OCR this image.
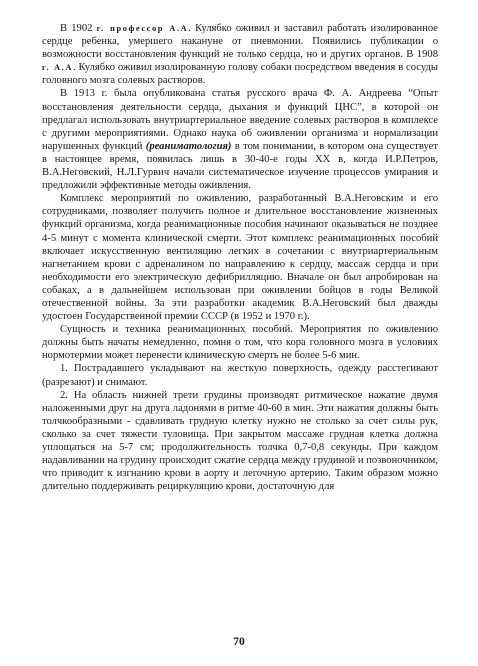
В 1902 г. профессор А.А. Кулябко оживил и заставил работать изолированное сердце ребенка, умершего накануне от пневмонии. Появились публикации о возможности восстановления функций не только сердца, но и других органов. В 1908 г. А.А. Кулябко оживил изолированную голову собаки посредством введения в сосуды головного мозга солевых растворов.

В 1913 г. была опубликована статья русского врача Ф. А. Андреева “Опыт восстановления деятельности сердца, дыхания и функций ЦНС”, в которой он предлагал использовать внутриартериальное введение солевых растворов в комплексе с другими мероприятиями. Однако наука об оживлении организма и нормализации нарушенных функций (реаниматология) в том понимании, в котором она существует в настоящее время, появилась лишь в 30-40-е годы XX в, когда И.Р.Петров, В.А.Неговский, Н.Л.Гурвич начали систематическое изучение процессов умирания и предложили эффективные методы оживления.

Комплекс мероприятий по оживлению, разработанный В.А.Неговским и его сотрудниками, позволяет получить полное и длительное восстановление жизненных функций организма, когда реанимационные пособия начинают оказываться не позднее 4-5 минут с момента клинической смерти. Этот комплекс реанимационных пособий включает искусственную вентиляцию легких в сочетании с внутриартериальным нагнетанием крови с адреналином по направлению к сердцу, массаж сердца и при необходимости его электрическую дефибрилляцию. Вначале он был апробирован на собаках, а в дальнейшем использован при оживлении бойцов в годы Великой отечественной войны. За эти разработки академик В.А.Неговский был дважды удостоен Государственной премии СССР (в 1952 и 1970 г.).

Сущность и техника реанимационных пособий. Мероприятия по оживлению должны быть начаты немедленно, помня о том, что кора головного мозга в условиях нормотермии может перенести клиническую смерть не более 5-6 мин.

1. Пострадавшего укладывают на жесткую поверхность, одежду расстегивают (разрезают) и снимают.

2. На область нижней трети грудины производят ритмическое нажатие двумя наложенными друг на друга ладонями в ритме 40-60 в мин. Эти нажатия должны быть толчкообразными - сдавливать грудную клетку нужно не столько за счет силы рук, сколько за счет тяжести туловища. При закрытом массаже грудная клетка должна уплощаться на 5-7 см; продолжительность толчка 0,7-0,8 секунды. При каждом надавливании на грудину происходит сжатие сердца между грудиной и позвоночником, что приводит к изгнанию крови в аорту и легочную артерию. Таким образом можно длительно поддерживать рециркуляцию крови, достаточную для

70
